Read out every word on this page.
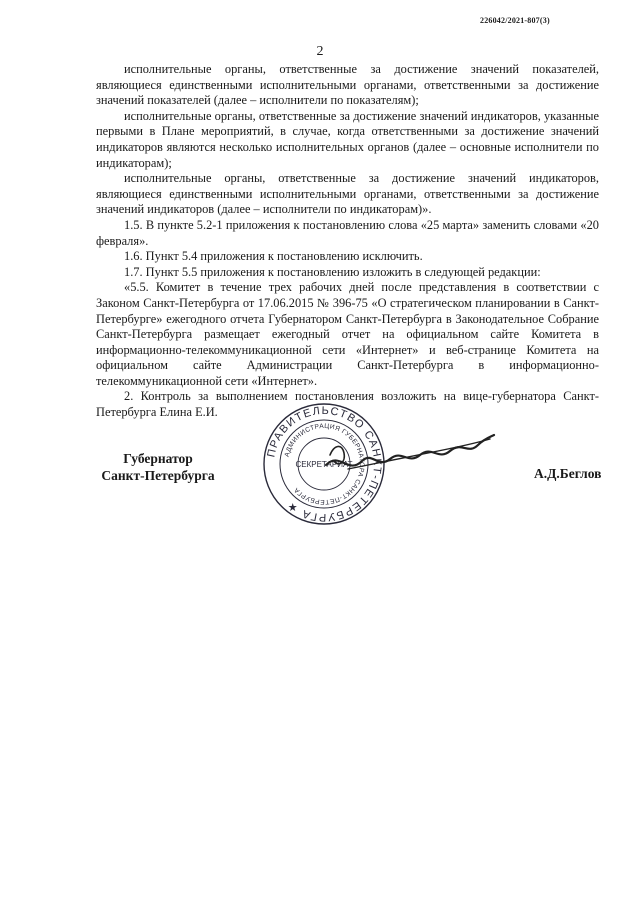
226042/2021-807(3)
2

исполнительные органы, ответственные за достижение значений показателей, являющиеся единственными исполнительными органами, ответственными за достижение значений показателей (далее – исполнители по показателям);

исполнительные органы, ответственные за достижение значений индикаторов, указанные первыми в Плане мероприятий, в случае, когда ответственными за достижение значений индикаторов являются несколько исполнительных органов (далее – основные исполнители по индикаторам);

исполнительные органы, ответственные за достижение значений индикаторов, являющиеся единственными исполнительными органами, ответственными за достижение значений индикаторов (далее – исполнители по индикаторам)».

1.5. В пункте 5.2-1 приложения к постановлению слова «25 марта» заменить словами «20 февраля».

1.6. Пункт 5.4 приложения к постановлению исключить.

1.7. Пункт 5.5 приложения к постановлению изложить в следующей редакции:

«5.5. Комитет в течение трех рабочих дней после представления в соответствии с Законом Санкт-Петербурга от 17.06.2015 № 396-75 «О стратегическом планировании в Санкт-Петербурге» ежегодного отчета Губернатором Санкт-Петербурга в Законодательное Собрание Санкт-Петербурга размещает ежегодный отчет на официальном сайте Комитета в информационно-телекоммуникационной сети «Интернет» и веб-странице Комитета на официальном сайте Администрации Санкт-Петербурга в информационно-телекоммуникационной сети «Интернет».

2. Контроль за выполнением постановления возложить на вице-губернатора Санкт-Петербурга Елина Е.И.

Губернатор
Санкт-Петербурга
ПРАВИТЕЛЬСТВО САНКТ-ПЕТЕРБУРГА ★
АДМИНИСТРАЦИЯ ГУБЕРНАТОРА САНКТ-ПЕТЕРБУРГА
СЕКРЕТАРИАТ
А.Д.Беглов
